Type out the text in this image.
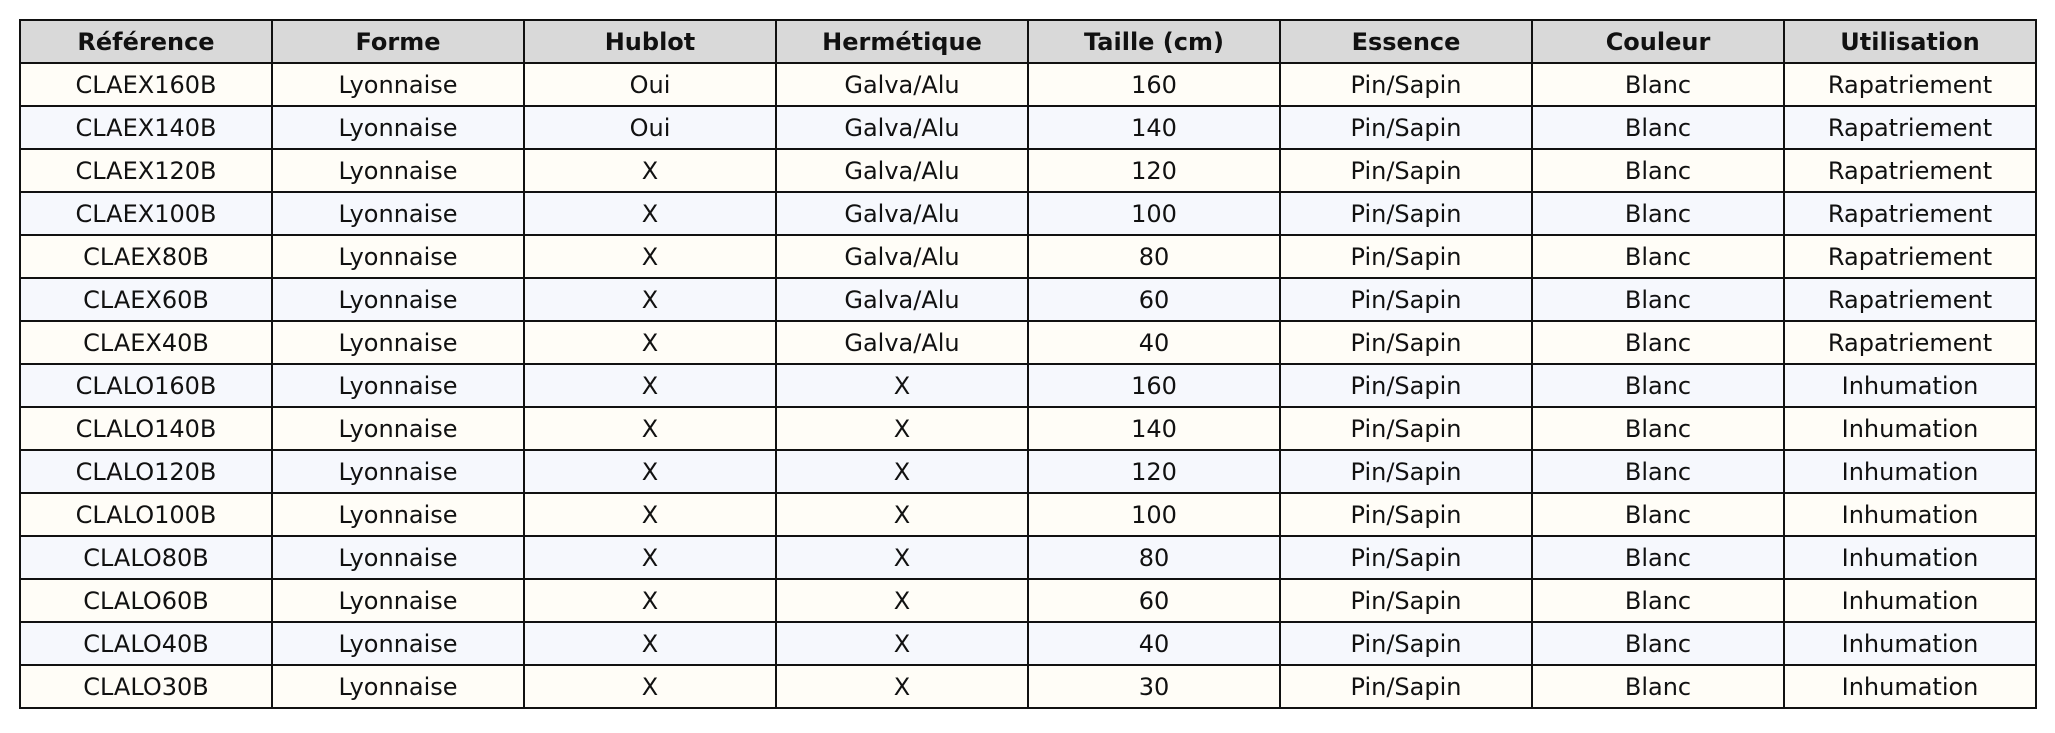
Référence	Forme	Hublot	Hermétique	Taille (cm)	Essence	Couleur	Utilisation
CLAEX160B	Lyonnaise	Oui	Galva/Alu	160	Pin/Sapin	Blanc	Rapatriement
CLAEX140B	Lyonnaise	Oui	Galva/Alu	140	Pin/Sapin	Blanc	Rapatriement
CLAEX120B	Lyonnaise	X	Galva/Alu	120	Pin/Sapin	Blanc	Rapatriement
CLAEX100B	Lyonnaise	X	Galva/Alu	100	Pin/Sapin	Blanc	Rapatriement
CLAEX80B	Lyonnaise	X	Galva/Alu	80	Pin/Sapin	Blanc	Rapatriement
CLAEX60B	Lyonnaise	X	Galva/Alu	60	Pin/Sapin	Blanc	Rapatriement
CLAEX40B	Lyonnaise	X	Galva/Alu	40	Pin/Sapin	Blanc	Rapatriement
CLALO160B	Lyonnaise	X	X	160	Pin/Sapin	Blanc	Inhumation
CLALO140B	Lyonnaise	X	X	140	Pin/Sapin	Blanc	Inhumation
CLALO120B	Lyonnaise	X	X	120	Pin/Sapin	Blanc	Inhumation
CLALO100B	Lyonnaise	X	X	100	Pin/Sapin	Blanc	Inhumation
CLALO80B	Lyonnaise	X	X	80	Pin/Sapin	Blanc	Inhumation
CLALO60B	Lyonnaise	X	X	60	Pin/Sapin	Blanc	Inhumation
CLALO40B	Lyonnaise	X	X	40	Pin/Sapin	Blanc	Inhumation
CLALO30B	Lyonnaise	X	X	30	Pin/Sapin	Blanc	Inhumation
